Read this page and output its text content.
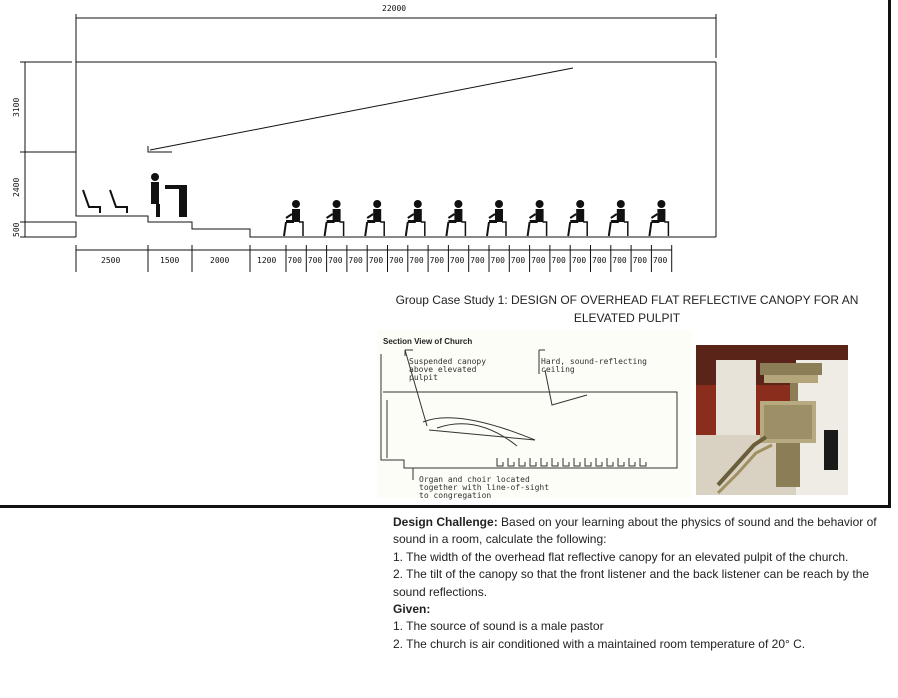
22000
3100
2400
500
2500	1500	2000	1200 700 700 700 700 700 700 700 700 700 700 700 700 700 700 700 700 700 700 700
Group Case Study 1: DESIGN OF OVERHEAD FLAT REFLECTIVE CANOPY FOR AN
ELEVATED PULPIT
Section View of Church
Suspended canopy
above elevated
pulpit
Hard, sound-reflecting
ceiling
Organ and choir located
together with line-of-sight
to congregation

Design Challenge: Based on your learning about the physics of sound and the behavior of sound in a room, calculate the following:

1. The width of the overhead flat reflective canopy for an elevated pulpit of the church.

2. The tilt of the canopy so that the front listener and the back listener can be reach by the sound reflections.

Given:

1. The source of sound is a male pastor

2. The church is air conditioned with a maintained room temperature of 20° C.
